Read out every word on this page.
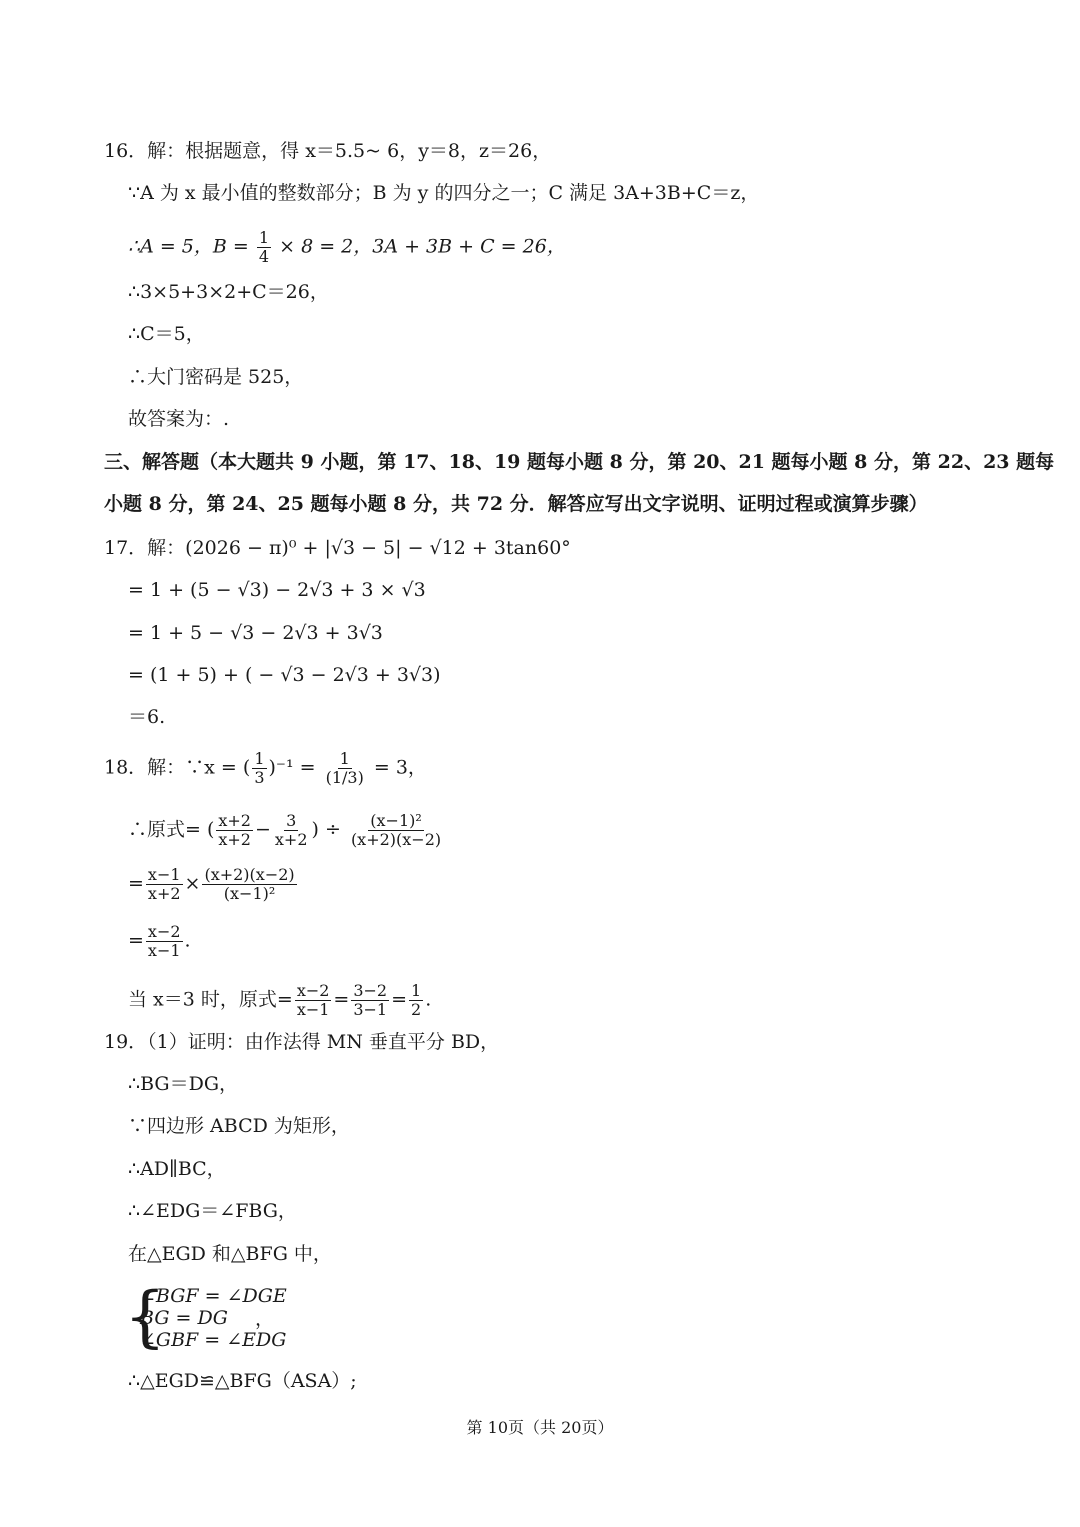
16．解：根据题意，得 x＝5.5~ 6，y＝8，z＝26，
∵A 为 x 最小值的整数部分；B 为 y 的四分之一；C 满足 3A+3B+C＝z，
∴A = 5，$B = \frac{1}{4} \times 8 = 2$，3A + 3B + C = 26，
∴3×5+3×2+C＝26，
∴C＝5，
∴大门密码是 525，
故答案为：.
三、解答题（本大题共 9 小题，第 17、18、19 题每小题 8 分，第 20、21 题每小题 8 分，第 22、23 题每
小题 8 分，第 24、25 题每小题 8 分，共 72 分．解答应写出文字说明、证明过程或演算步骤）
17．解：(2026 − π)⁰ + |√3 − 5| − √12 + 3tan60°
= 1 + (5 − √3) − 2√3 + 3 × √3
= 1 + 5 − √3 − 2√3 + 3√3
= (1 + 5) + ( − √3 − 2√3 + 3√3)
＝6.
18．解：∵x = ( $\frac{1}{3} )^{-1} = \frac{1}{(1/3)} = 3$，
∴原式= ( $\frac{x+2}{x+2} - \frac{3}{x+2}$ ) ÷ $\frac{\text{(x−1)²}}{(x+2)(x-2)}$
= $\frac{x-1}{x+2} \times \frac{(x+2)(x-2)}{\text{(x−1)²}}$
= $\frac{x-2}{x-1}$ .
当 x＝3 时，原式= $\frac{x-2}{x-1} = \frac{3-2}{3-1} = \frac{1}{2}$ .
19．（1）证明：由作法得 MN 垂直平分 BD，
∴BG＝DG，
∵四边形 ABCD 为矩形，
∴AD∥BC，
∴∠EDG＝∠FBG，
在△EGD 和△BFG 中，
{
∠BGF = ∠DGE
BG = DG
∠GBF = ∠EDG
，
∴△EGD≌△BFG（ASA）;
第 10页（共 20页）
